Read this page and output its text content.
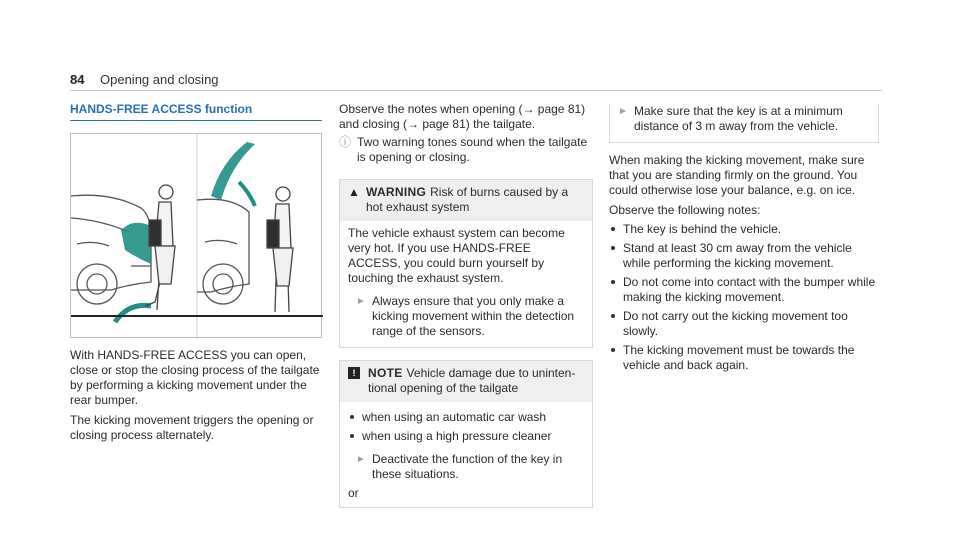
84 Opening and closing
HANDS-FREE ACCESS function

With HANDS-FREE ACCESS you can open, close or stop the closing process of the tailgate by performing a kicking movement under the rear bumper.

The kicking movement triggers the opening or closing process alternately.

Observe the notes when opening (→ page 81) and closing (→ page 81) the tailgate.

ⓘ Two warning tones sound when the tailgate is opening or closing.
▲ WARNING Risk of burns caused by a hot exhaust system
The vehicle exhaust system can become very hot. If you use HANDS-FREE ACCESS, you could burn yourself by touching the exhaust system.
► Always ensure that you only make a kicking movement within the detection range of the sensors.
!	NOTE Vehicle damage due to uninten- tional opening of the tailgate
when using an automatic car wash
when using a high pressure cleaner
► Deactivate the function of the key in these situations.
or
► Make sure that the key is at a minimum distance of 3 m away from the vehicle.

When making the kicking movement, make sure that you are standing firmly on the ground. You could otherwise lose your balance, e.g. on ice.

Observe the following notes:

The key is behind the vehicle.
Stand at least 30 cm away from the vehicle while performing the kicking movement.
Do not come into contact with the bumper while making the kicking movement.
Do not carry out the kicking movement too slowly.
The kicking movement must be towards the vehicle and back again.
